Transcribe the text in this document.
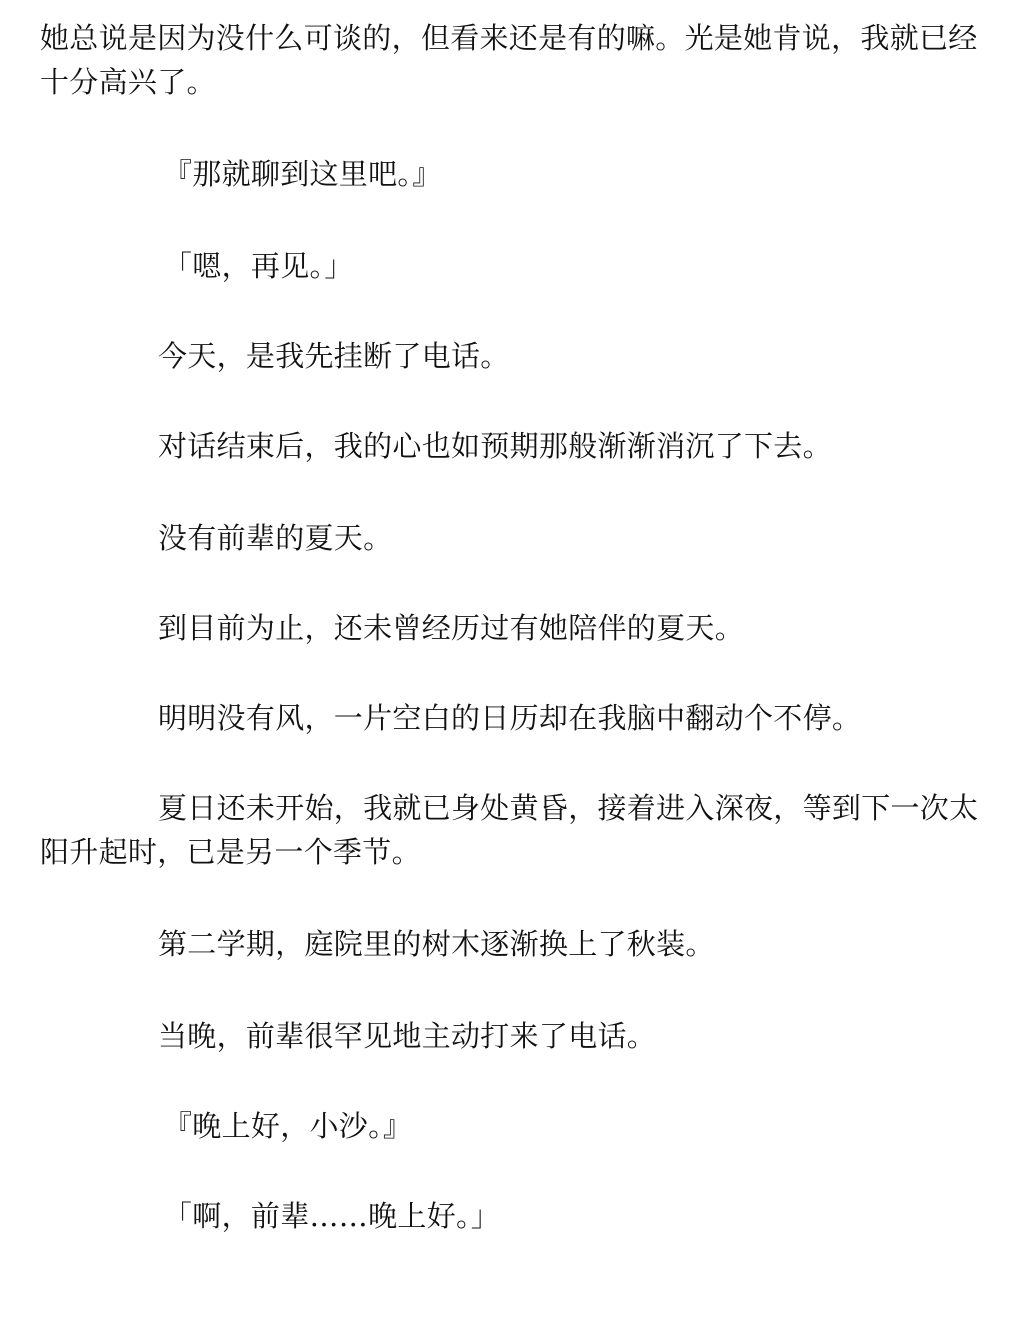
她总说是因为没什么可谈的，但看来还是有的嘛。光是她肯说，我就已经十分高兴了。

『那就聊到这里吧。』

「嗯，再见。」

今天，是我先挂断了电话。

对话结束后，我的心也如预期那般渐渐消沉了下去。

没有前辈的夏天。

到目前为止，还未曾经历过有她陪伴的夏天。

明明没有风，一片空白的日历却在我脑中翻动个不停。

夏日还未开始，我就已身处黄昏，接着进入深夜，等到下一次太阳升起时，已是另一个季节。

第二学期，庭院里的树木逐渐换上了秋装。

当晚，前辈很罕见地主动打来了电话。

『晚上好，小沙。』

「啊，前辈……晚上好。」
